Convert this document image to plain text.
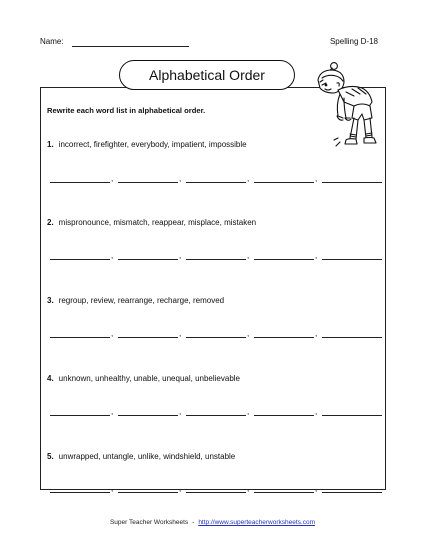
Name:	Spelling D-18
Alphabetical Order
Rewrite each word list in alphabetical order.
1. incorrect, firefighter, everybody, impatient, impossible
,	,	,	,
2. mispronounce, mismatch, reappear, misplace, mistaken
,	,	,	,
3. regroup, review, rearrange, recharge, removed
,	,	,	,
4. unknown, unhealthy, unable, unequal, unbelievable
,	,	,	,
5. unwrapped, untangle, unlike, windshield, unstable
,	,	,	,
Super Teacher Worksheets - http://www.superteacherworksheets.com
